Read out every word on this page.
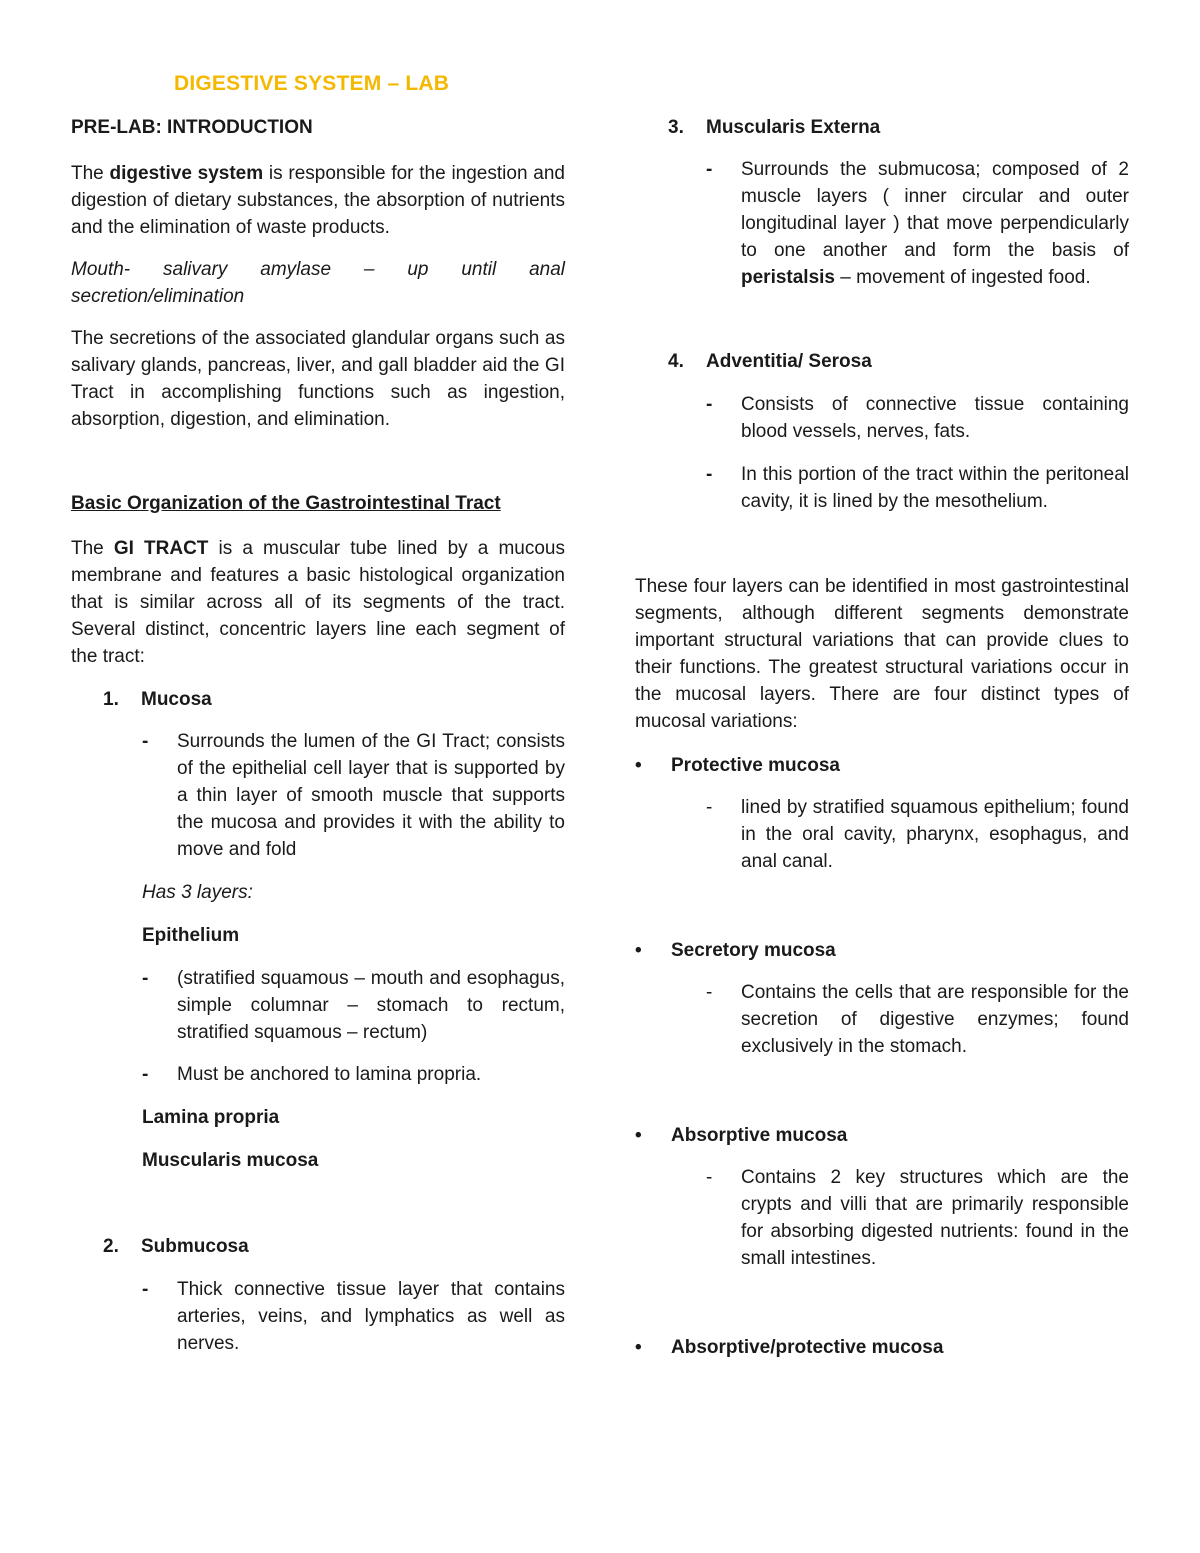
DIGESTIVE SYSTEM – LAB
PRE-LAB: INTRODUCTION

The digestive system is responsible for the ingestion and digestion of dietary substances, the absorption of nutrients and the elimination of waste products.

Mouth- salivary amylase – up until anal secretion/elimination

The secretions of the associated glandular organs such as salivary glands, pancreas, liver, and gall bladder aid the GI Tract in accomplishing functions such as ingestion, absorption, digestion, and elimination.

Basic Organization of the Gastrointestinal Tract

The GI TRACT is a muscular tube lined by a mucous membrane and features a basic histological organization that is similar across all of its segments of the tract. Several distinct, concentric layers line each segment of the tract:

1.	Mucosa
-	Surrounds the lumen of the GI Tract; consists of the epithelial cell layer that is supported by a thin layer of smooth muscle that supports the mucosa and provides it with the ability to move and fold

Has 3 layers:

Epithelium

-	(stratified squamous – mouth and esophagus, simple columnar – stomach to rectum, stratified squamous – rectum)
-	Must be anchored to lamina propria.

Lamina propria

Muscularis mucosa

2.	Submucosa
-	Thick connective tissue layer that contains arteries, veins, and lymphatics as well as nerves.
3.	Muscularis Externa
-	Surrounds the submucosa; composed of 2 muscle layers ( inner circular and outer longitudinal layer ) that move perpendicularly to one another and form the basis of peristalsis – movement of ingested food.
4.	Adventitia/ Serosa
-	Consists of connective tissue containing blood vessels, nerves, fats.
-	In this portion of the tract within the peritoneal cavity, it is lined by the mesothelium.

These four layers can be identified in most gastrointestinal segments, although different segments demonstrate important structural variations that can provide clues to their functions. The greatest structural variations occur in the mucosal layers. There are four distinct types of mucosal variations:

•	Protective mucosa
-	lined by stratified squamous epithelium; found in the oral cavity, pharynx, esophagus, and anal canal.
•	Secretory mucosa
-	Contains the cells that are responsible for the secretion of digestive enzymes; found exclusively in the stomach.
•	Absorptive mucosa
-	Contains 2 key structures which are the crypts and villi that are primarily responsible for absorbing digested nutrients: found in the small intestines.
•	Absorptive/protective mucosa
